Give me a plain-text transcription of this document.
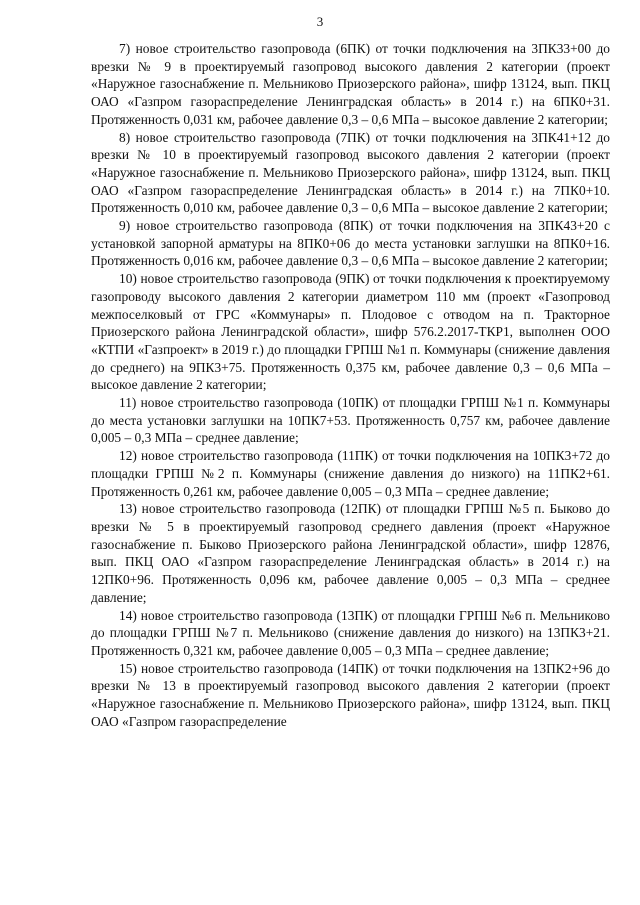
3

7) новое строительство газопровода (6ПК) от точки подключения на 3ПК33+00 до врезки № 9 в проектируемый газопровод высокого давления 2 категории (проект «Наружное газоснабжение п. Мельниково Приозерского района», шифр 13124, вып. ПКЦ ОАО «Газпром газораспределение Ленинградская область» в 2014 г.) на 6ПК0+31. Протяженность 0,031 км, рабочее давление 0,3 – 0,6 МПа – высокое давление 2 категории;

8) новое строительство газопровода (7ПК) от точки подключения на 3ПК41+12 до врезки № 10 в проектируемый газопровод высокого давления 2 категории (проект «Наружное газоснабжение п. Мельниково Приозерского района», шифр 13124, вып. ПКЦ ОАО «Газпром газораспределение Ленинградская область» в 2014 г.) на 7ПК0+10. Протяженность 0,010 км, рабочее давление 0,3 – 0,6 МПа – высокое давление 2 категории;

9) новое строительство газопровода (8ПК) от точки подключения на 3ПК43+20 с установкой запорной арматуры на 8ПК0+06 до места установки заглушки на 8ПК0+16. Протяженность 0,016 км, рабочее давление 0,3 – 0,6 МПа – высокое давление 2 категории;

10) новое строительство газопровода (9ПК) от точки подключения к проектируемому газопроводу высокого давления 2 категории диаметром 110 мм (проект «Газопровод межпоселковый от ГРС «Коммунары» п. Плодовое с отводом на п. Тракторное Приозерского района Ленинградской области», шифр 576.2.2017-ТКР1, выполнен ООО «КТПИ «Газпроект» в 2019 г.) до площадки ГРПШ №1 п. Коммунары (снижение давления до среднего) на 9ПК3+75. Протяженность 0,375 км, рабочее давление 0,3 – 0,6 МПа – высокое давление 2 категории;

11) новое строительство газопровода (10ПК) от площадки ГРПШ №1 п. Коммунары до места установки заглушки на 10ПК7+53. Протяженность 0,757 км, рабочее давление 0,005 – 0,3 МПа – среднее давление;

12) новое строительство газопровода (11ПК) от точки подключения на 10ПК3+72 до площадки ГРПШ №2 п. Коммунары (снижение давления до низкого) на 11ПК2+61. Протяженность 0,261 км, рабочее давление 0,005 – 0,3 МПа – среднее давление;

13) новое строительство газопровода (12ПК) от площадки ГРПШ №5 п. Быково до врезки № 5 в проектируемый газопровод среднего давления (проект «Наружное газоснабжение п. Быково Приозерского района Ленинградской области», шифр 12876, вып. ПКЦ ОАО «Газпром газораспределение Ленинградская область» в 2014 г.) на 12ПК0+96. Протяженность 0,096 км, рабочее давление 0,005 – 0,3 МПа – среднее давление;

14) новое строительство газопровода (13ПК) от площадки ГРПШ №6 п. Мельниково до площадки ГРПШ №7 п. Мельниково (снижение давления до низкого) на 13ПК3+21. Протяженность 0,321 км, рабочее давление 0,005 – 0,3 МПа – среднее давление;

15) новое строительство газопровода (14ПК) от точки подключения на 13ПК2+96 до врезки № 13 в проектируемый газопровод высокого давления 2 категории (проект «Наружное газоснабжение п. Мельниково Приозерского района», шифр 13124, вып. ПКЦ ОАО «Газпром газораспределение
